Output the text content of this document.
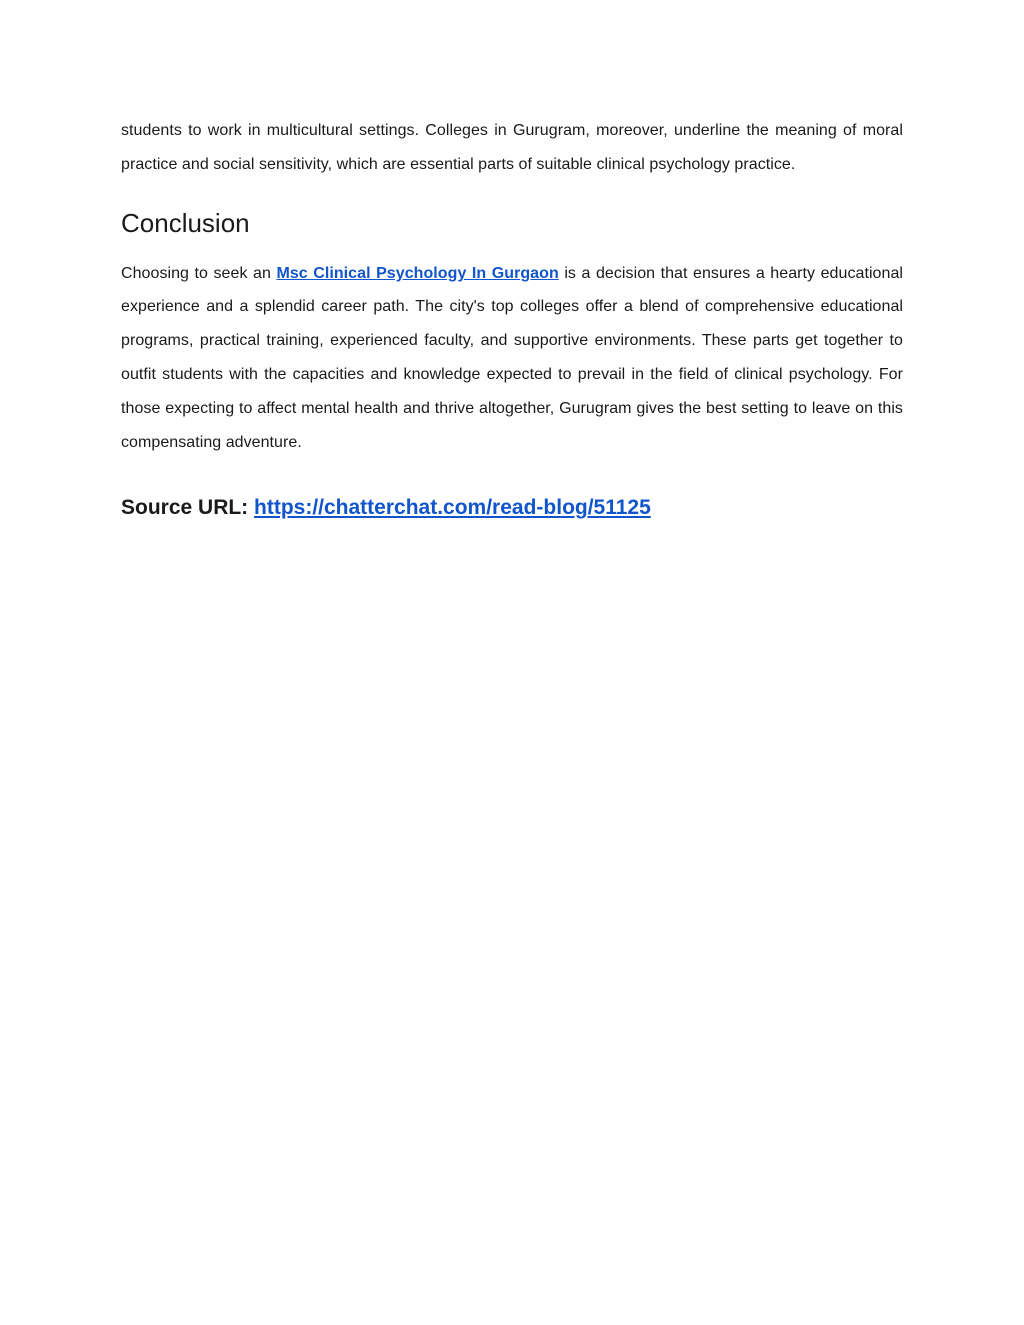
students to work in multicultural settings. Colleges in Gurugram, moreover, underline the meaning of moral practice and social sensitivity, which are essential parts of suitable clinical psychology practice.

Conclusion

Choosing to seek an Msc Clinical Psychology In Gurgaon is a decision that ensures a hearty educational experience and a splendid career path. The city's top colleges offer a blend of comprehensive educational programs, practical training, experienced faculty, and supportive environments. These parts get together to outfit students with the capacities and knowledge expected to prevail in the field of clinical psychology. For those expecting to affect mental health and thrive altogether, Gurugram gives the best setting to leave on this compensating adventure.

Source URL: https://chatterchat.com/read-blog/51125
